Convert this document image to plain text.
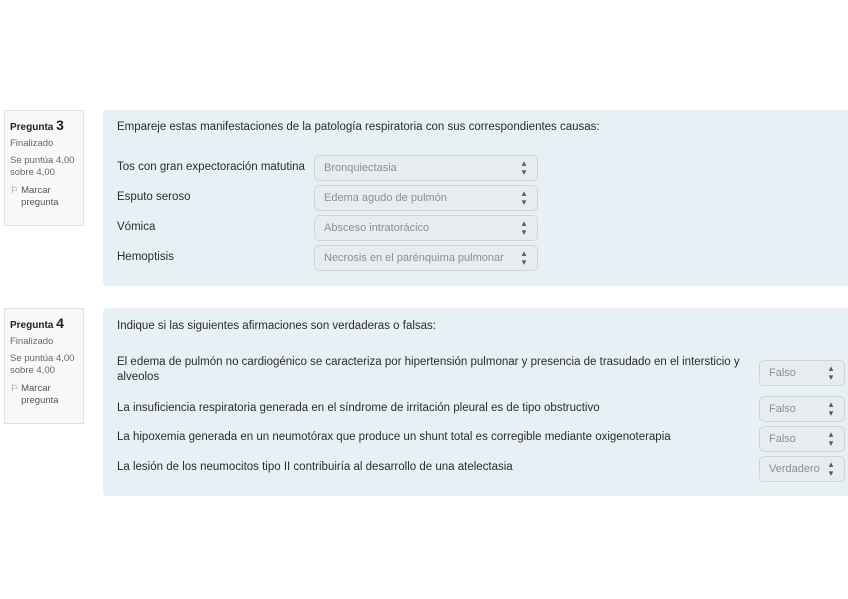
Pregunta 3
Finalizado
Se puntúa 4,00 sobre 4,00
⚐ Marcar pregunta
Empareje estas manifestaciones de la patología respiratoria con sus correspondientes causas:
Tos con gran expectoración matutina	Bronquiectasia	▴▾
Esputo seroso	Edema agudo de pulmón	▴▾
Vómica	Absceso intratorácico	▴▾
Hemoptisis	Necrosis en el parénquima pulmonar ▴▾
Pregunta 4
Finalizado
Se puntúa 4,00 sobre 4,00
⚐ Marcar pregunta
Indique si las siguientes afirmaciones son verdaderas o falsas:
El edema de pulmón no cardiogénico se caracteriza por hipertensión pulmonar y presencia de trasudado en el intersticio y alveolos	Falso	▴▾
La insuficiencia respiratoria generada en el síndrome de irritación pleural es de tipo obstructivo	Falso	▴▾
La hipoxemia generada en un neumotórax que produce un shunt total es corregible mediante oxigenoterapia	Falso	▴▾
La lesión de los neumocitos tipo II contribuiría al desarrollo de una atelectasia	Verdadero ▴▾
